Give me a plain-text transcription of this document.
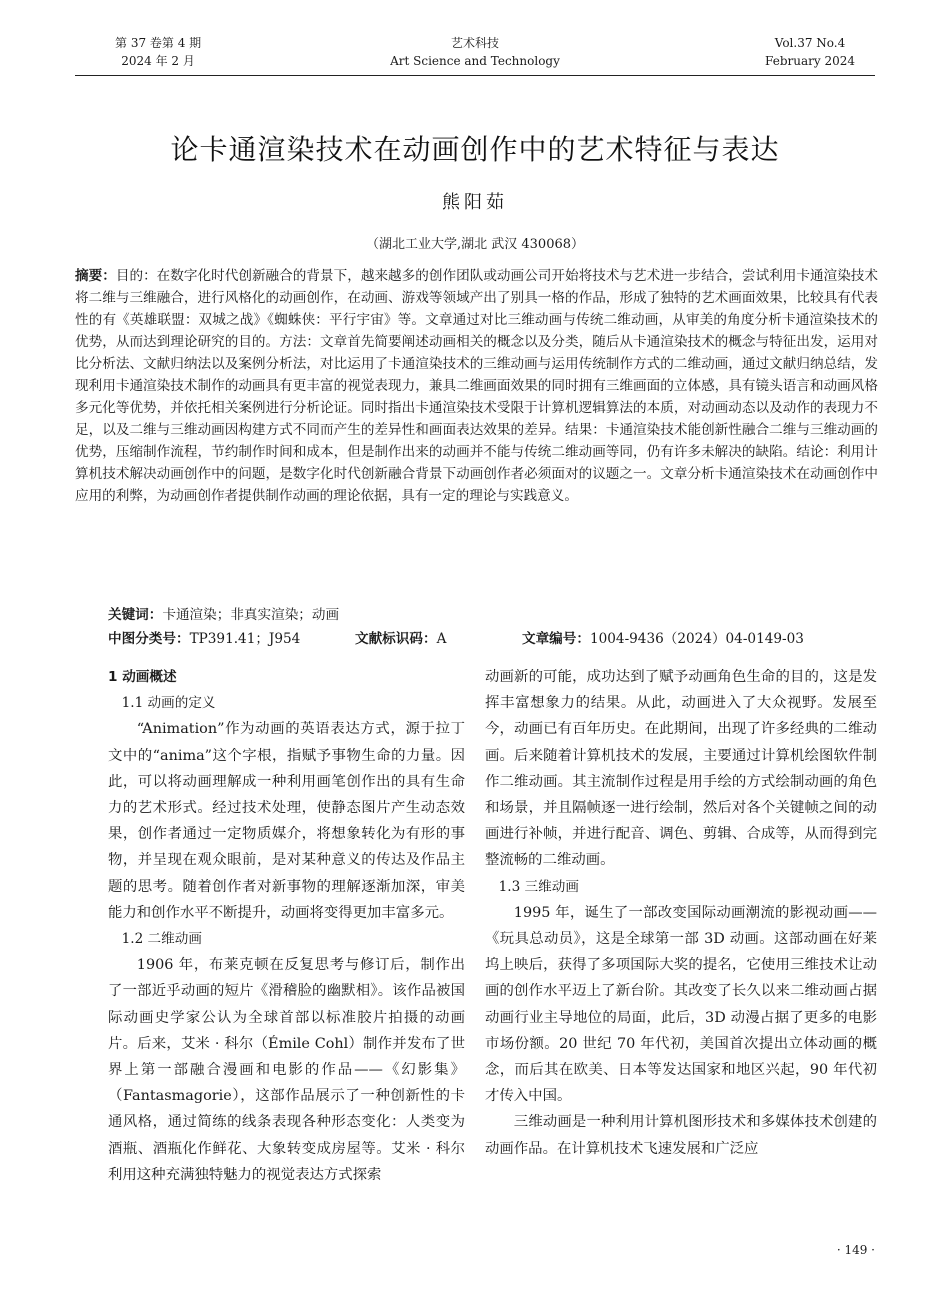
第 37 卷第 4 期
2024 年 2 月
艺术科技
Art Science and Technology
Vol.37 No.4
February 2024
论卡通渲染技术在动画创作中的艺术特征与表达
熊阳茹
（湖北工业大学,湖北 武汉 430068）
摘要：目的：在数字化时代创新融合的背景下，越来越多的创作团队或动画公司开始将技术与艺术进一步结合，尝试利用卡通渲染技术将二维与三维融合，进行风格化的动画创作，在动画、游戏等领域产出了别具一格的作品，形成了独特的艺术画面效果，比较具有代表性的有《英雄联盟：双城之战》《蜘蛛侠：平行宇宙》等。文章通过对比三维动画与传统二维动画，从审美的角度分析卡通渲染技术的优势，从而达到理论研究的目的。方法：文章首先简要阐述动画相关的概念以及分类，随后从卡通渲染技术的概念与特征出发，运用对比分析法、文献归纳法以及案例分析法，对比运用了卡通渲染技术的三维动画与运用传统制作方式的二维动画，通过文献归纳总结，发现利用卡通渲染技术制作的动画具有更丰富的视觉表现力，兼具二维画面效果的同时拥有三维画面的立体感，具有镜头语言和动画风格多元化等优势，并依托相关案例进行分析论证。同时指出卡通渲染技术受限于计算机逻辑算法的本质，对动画动态以及动作的表现力不足，以及二维与三维动画因构建方式不同而产生的差异性和画面表达效果的差异。结果：卡通渲染技术能创新性融合二维与三维动画的优势，压缩制作流程，节约制作时间和成本，但是制作出来的动画并不能与传统二维动画等同，仍有许多未解决的缺陷。结论：利用计算机技术解决动画创作中的问题，是数字化时代创新融合背景下动画创作者必须面对的议题之一。文章分析卡通渲染技术在动画创作中应用的利弊，为动画创作者提供制作动画的理论依据，具有一定的理论与实践意义。
关键词：卡通渲染；非真实渲染；动画
中图分类号：TP391.41；J954	文献标识码：A	文章编号：1004-9436（2024）04-0149-03
1 动画概述
1.1 动画的定义

“Animation”作为动画的英语表达方式，源于拉丁文中的“anima”这个字根，指赋予事物生命的力量。因此，可以将动画理解成一种利用画笔创作出的具有生命力的艺术形式。经过技术处理，使静态图片产生动态效果，创作者通过一定物质媒介，将想象转化为有形的事物，并呈现在观众眼前，是对某种意义的传达及作品主题的思考。随着创作者对新事物的理解逐渐加深，审美能力和创作水平不断提升，动画将变得更加丰富多元。

1.2 二维动画

1906 年，布莱克顿在反复思考与修订后，制作出了一部近乎动画的短片《滑稽脸的幽默相》。该作品被国际动画史学家公认为全球首部以标准胶片拍摄的动画片。后来，艾米 · 科尔（Émile Cohl）制作并发布了世界上第一部融合漫画和电影的作品——《幻影集》（Fantasmagorie），这部作品展示了一种创新性的卡通风格，通过简练的线条表现各种形态变化：人类变为酒瓶、酒瓶化作鲜花、大象转变成房屋等。艾米 · 科尔利用这种充满独特魅力的视觉表达方式探索

动画新的可能，成功达到了赋予动画角色生命的目的，这是发挥丰富想象力的结果。从此，动画进入了大众视野。发展至今，动画已有百年历史。在此期间，出现了许多经典的二维动画。后来随着计算机技术的发展，主要通过计算机绘图软件制作二维动画。其主流制作过程是用手绘的方式绘制动画的角色和场景，并且隔帧逐一进行绘制，然后对各个关键帧之间的动画进行补帧，并进行配音、调色、剪辑、合成等，从而得到完整流畅的二维动画。

1.3 三维动画

1995 年，诞生了一部改变国际动画潮流的影视动画——《玩具总动员》，这是全球第一部 3D 动画。这部动画在好莱坞上映后，获得了多项国际大奖的提名，它使用三维技术让动画的创作水平迈上了新台阶。其改变了长久以来二维动画占据动画行业主导地位的局面，此后，3D 动漫占据了更多的电影市场份额。20 世纪 70 年代初，美国首次提出立体动画的概念，而后其在欧美、日本等发达国家和地区兴起，90 年代初才传入中国。

三维动画是一种利用计算机图形技术和多媒体技术创建的动画作品。在计算机技术飞速发展和广泛应

· 149 ·
